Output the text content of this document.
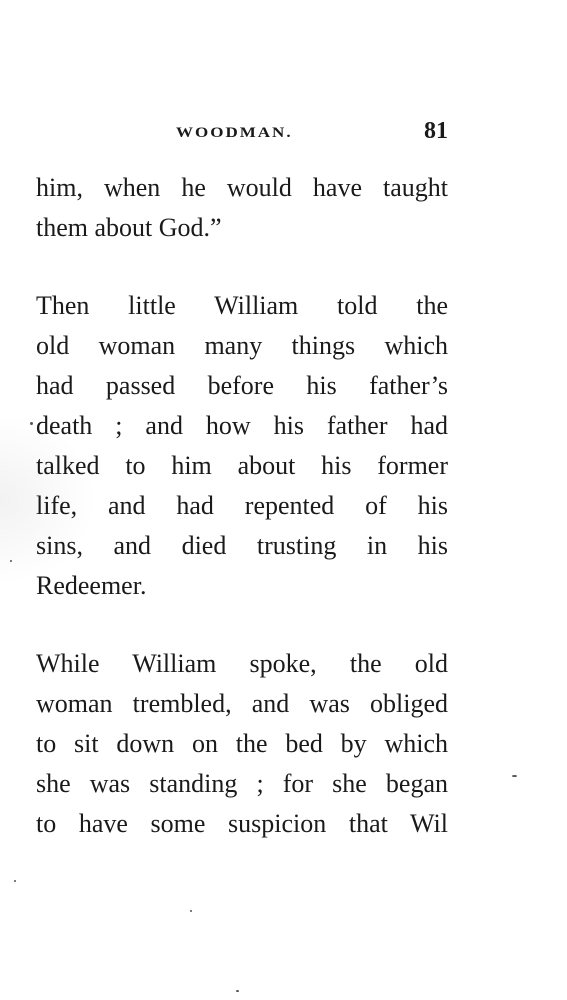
WOODMAN.	81
him, when he would have taught
them about God.”
Then little William told the
old woman many things which
had passed before his father’s
death ; and how his father had
talked to him about his former
life, and had repented of his
sins, and died trusting in his
Redeemer.
While William spoke, the old
woman trembled, and was obliged
to sit down on the bed by which
she was standing ; for she began
to have some suspicion that Wil
